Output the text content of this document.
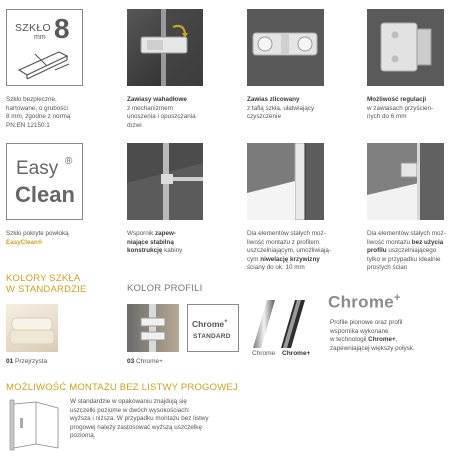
SZKŁO
mm 8
Szkło bezpieczne,
hartowane, o grubości
8 mm, zgodne z normą
PN:EN 12150:1
Zawiasy wahadłowe
z mechanizmem
unoszenia i opuszczania
drzwi
Zawias zlicowany
z taflą szkła, ułatwiający
czyszczenie
Możliwość regulacji
w zawiasach przyścien-
nych do 6 mm
Easy ®
Clean
Szkło pokryte powłoką
EasyClean®
Wspornik zapew-
niające stabilną
konstrukcję kabiny
Dla elementów stałych moż-
liwość montażu z profilem
uszczelniającym, umożliwiają-
cym niwelację krzywizny
ściany do ok. 10 mm
Dla elementów stałych moż-
liwość montażu bez użycia
profilu uszczelniającego
tylko w przypadku idealnie
prostych ścian
KOLORY SZKŁA
W STANDARDZIE
01 Przejrzysta
KOLOR PROFILI
03 Chrome+
Chrome+
STANDARD
Chrome Chrome+
Chrome+
Profile pionowe oraz profil
wspornika wykonane
w technologii Chrome+,
zapewniającej większy połysk.
MOŻLIWOŚĆ MONTAŻU BEZ LISTWY PROGOWEJ
W standardzie w opakowaniu znajdują się
uszczelki poziome w dwóch wysokościach:
wyższa i niższa. W przypadku montażu bez listwy
progowej należy zastosować wyższą uszczelkę
poziomą.
